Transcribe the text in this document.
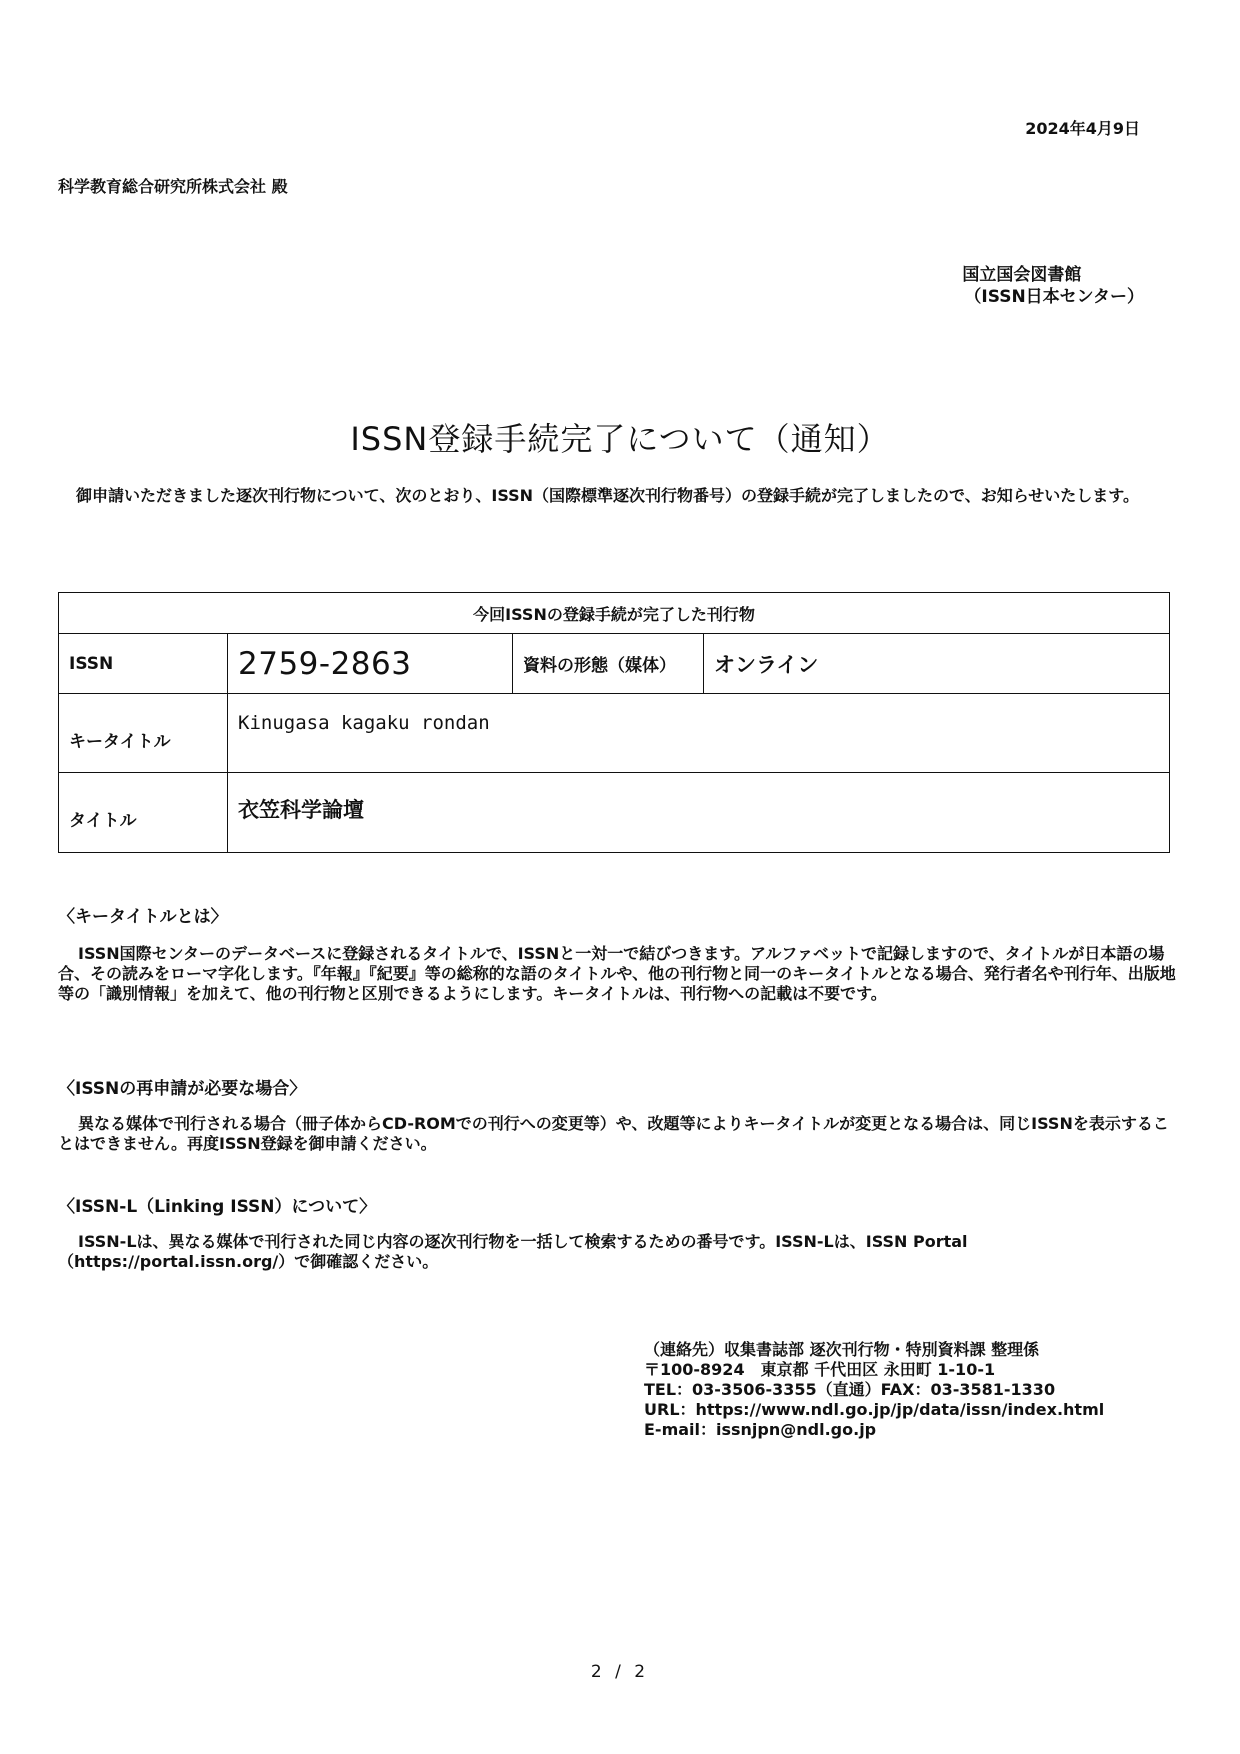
2024年4月9日
科学教育総合研究所株式会社 殿
国立国会図書館
（ISSN日本センター）
ISSN登録手続完了について（通知）
御申請いただきました逐次刊行物について、次のとおり、ISSN（国際標準逐次刊行物番号）の登録手続が完了しましたので、お知らせいたします。
今回ISSNの登録手続が完了した刊行物			
ISSN	2759-2863	資料の形態（媒体）	オンライン
キータイトル	Kinugasa kagaku rondan		
タイトル	衣笠科学論壇		
〈キータイトルとは〉
ISSN国際センターのデータベースに登録されるタイトルで、ISSNと一対一で結びつきます。アルファベットで記録しますので、タイトルが日本語の場合、その読みをローマ字化します。『年報』『紀要』等の総称的な語のタイトルや、他の刊行物と同一のキータイトルとなる場合、発行者名や刊行年、出版地等の「識別情報」を加えて、他の刊行物と区別できるようにします。キータイトルは、刊行物への記載は不要です。
〈ISSNの再申請が必要な場合〉
異なる媒体で刊行される場合（冊子体からCD-ROMでの刊行への変更等）や、改題等によりキータイトルが変更となる場合は、同じISSNを表示することはできません。再度ISSN登録を御申請ください。
〈ISSN-L（Linking ISSN）について〉
ISSN-Lは、異なる媒体で刊行された同じ内容の逐次刊行物を一括して検索するための番号です。ISSN-Lは、ISSN Portal（https://portal.issn.org/）で御確認ください。
（連絡先）収集書誌部 逐次刊行物・特別資料課 整理係
〒100-8924　東京都 千代田区 永田町 1-10-1
TEL：03-3506-3355（直通）FAX：03-3581-1330
URL：https://www.ndl.go.jp/jp/data/issn/index.html
E-mail：issnjpn@ndl.go.jp
2 / 2
